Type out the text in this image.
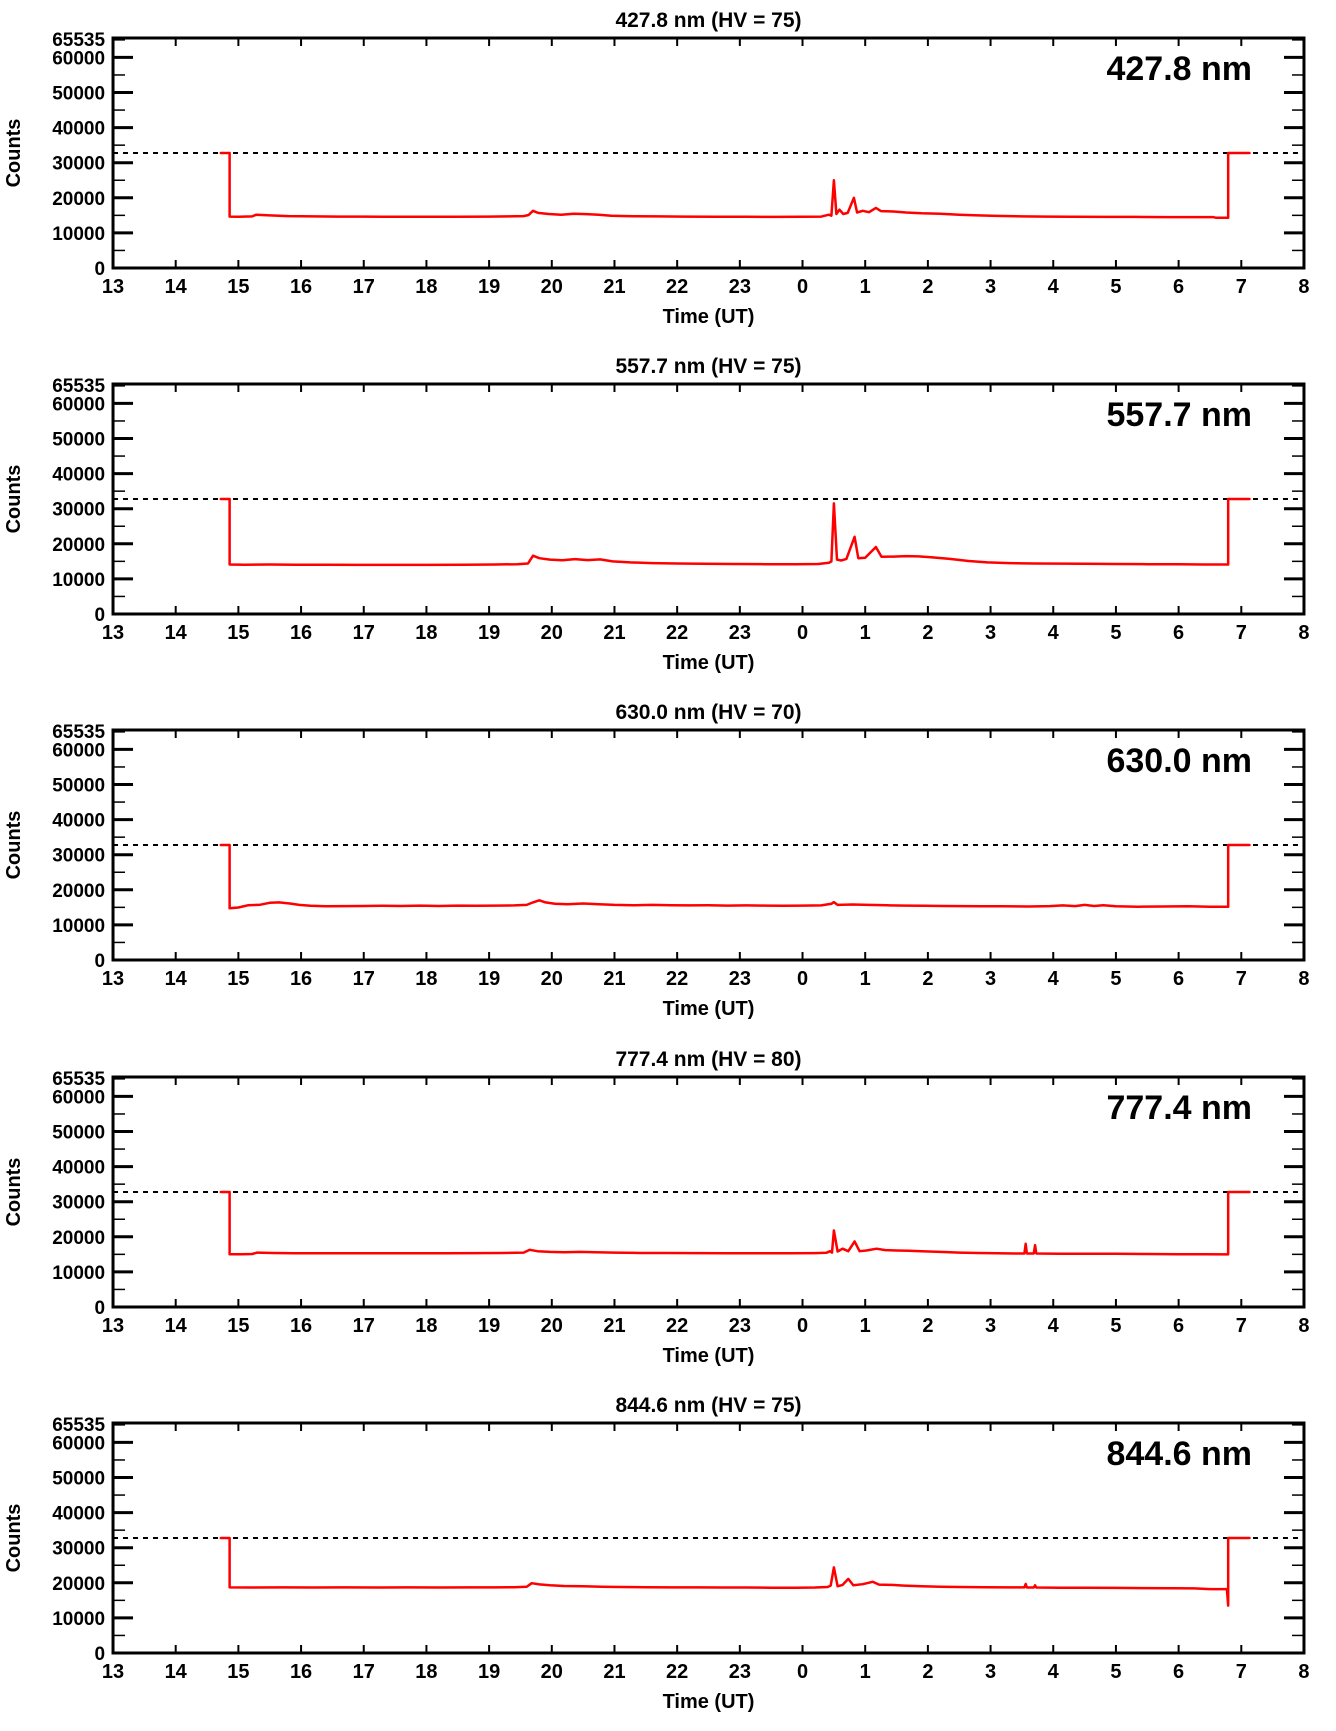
427.8 nm (HV = 75)
0
10000
20000
30000
40000
50000
60000
65535
13 14 15 16 17 18 19 20 21 22 23 0	1	2	3	4	5	6	7	8
Time (UT)
Counts
427.8 nm
557.7 nm (HV = 75)
0
10000
20000
30000
40000
50000
60000
65535
13 14 15 16 17 18 19 20 21 22 23 0	1	2	3	4	5	6	7	8
Time (UT)
Counts
557.7 nm
630.0 nm (HV = 70)
0
10000
20000
30000
40000
50000
60000
65535
13 14 15 16 17 18 19 20 21 22 23 0	1	2	3	4	5	6	7	8
Time (UT)
Counts
630.0 nm
777.4 nm (HV = 80)
0
10000
20000
30000
40000
50000
60000
65535
13 14 15 16 17 18 19 20 21 22 23 0	1	2	3	4	5	6	7	8
Time (UT)
Counts
777.4 nm
844.6 nm (HV = 75)
0
10000
20000
30000
40000
50000
60000
65535
13 14 15 16 17 18 19 20 21 22 23 0	1	2	3	4	5	6	7	8
Time (UT)
Counts
844.6 nm
